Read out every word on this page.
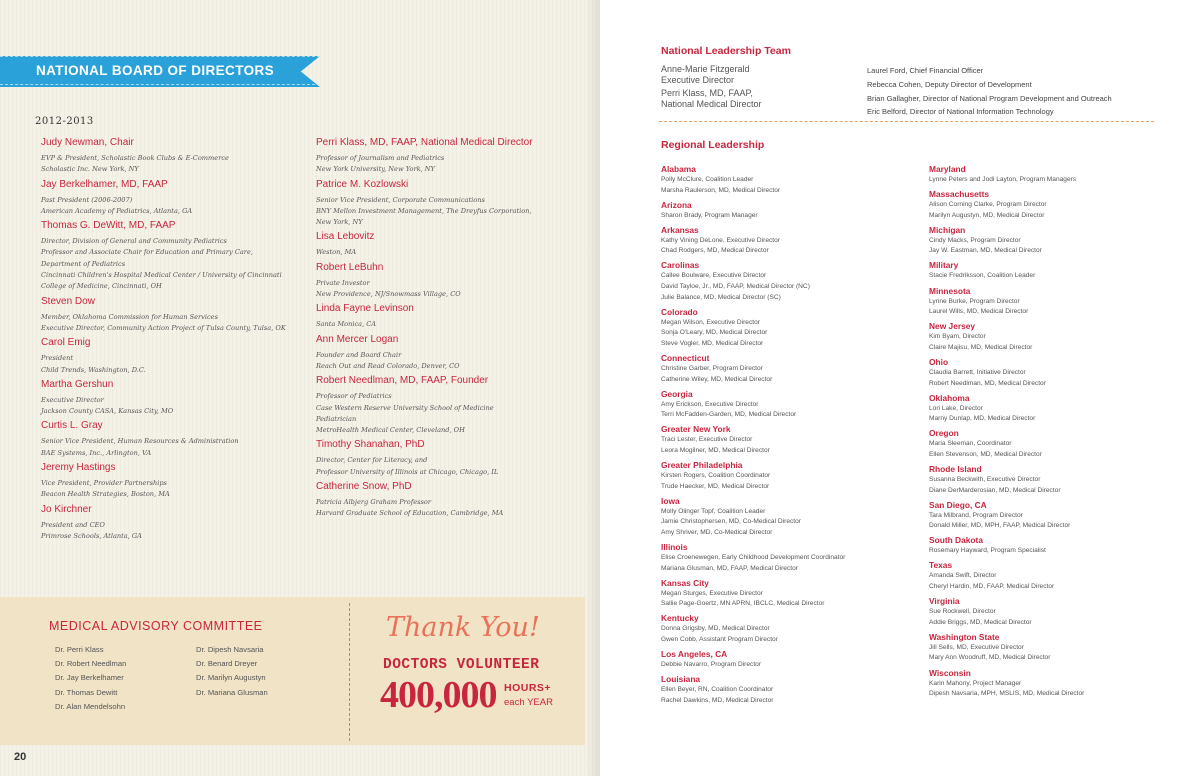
NATIONAL BOARD OF DIRECTORS
2012-2013
Judy Newman, Chair
EVP & President, Scholastic Book Clubs & E-Commerce
Scholastic Inc. New York, NY
Jay Berkelhamer, MD, FAAP
Past President (2006-2007)
American Academy of Pediatrics, Atlanta, GA
Thomas G. DeWitt, MD, FAAP
Director, Division of General and Community Pediatrics
Professor and Associate Chair for Education and Primary Care,
Department of Pediatrics
Cincinnati Children's Hospital Medical Center / University of Cincinnati
College of Medicine, Cincinnati, OH
Steven Dow
Member, Oklahoma Commission for Human Services
Executive Director, Community Action Project of Tulsa County, Tulsa, OK
Carol Emig
President
Child Trends, Washington, D.C.
Martha Gershun
Executive Director
Jackson County CASA, Kansas City, MO
Curtis L. Gray
Senior Vice President, Human Resources & Administration
BAE Systems, Inc., Arlington, VA
Jeremy Hastings
Vice President, Provider Partnerships
Beacon Health Strategies, Boston, MA
Jo Kirchner
President and CEO
Primrose Schools, Atlanta, GA
Perri Klass, MD, FAAP, National Medical Director
Professor of Journalism and Pediatrics
New York University, New York, NY
Patrice M. Kozlowski
Senior Vice President, Corporate Communications
BNY Mellon Investment Management, The Dreyfus Corporation,
New York, NY
Lisa Lebovitz
Weston, MA
Robert LeBuhn
Private Investor
New Providence, NJ/Snowmass Village, CO
Linda Fayne Levinson
Santa Monica, CA
Ann Mercer Logan
Founder and Board Chair
Reach Out and Read Colorado, Denver, CO
Robert Needlman, MD, FAAP, Founder
Professor of Pediatrics
Case Western Reserve University School of Medicine
Pediatrician
MetroHealth Medical Center, Cleveland, OH
Timothy Shanahan, PhD
Director, Center for Literacy, and
Professor University of Illinois at Chicago, Chicago, IL
Catherine Snow, PhD
Patricia Albjerg Graham Professor
Harvard Graduate School of Education, Cambridge, MA
MEDICAL ADVISORY COMMITTEE
Dr. Perri Klass
Dr. Robert Needlman
Dr. Jay Berkelhamer
Dr. Thomas Dewitt
Dr. Alan Mendelsohn
Dr. Dipesh Navsaria
Dr. Benard Dreyer
Dr. Marilyn Augustyn
Dr. Mariana Glusman
Thank You!
DOCTORS VOLUNTEER
400,000 HOURS+
each YEAR
20
National Leadership Team
Anne-Marie Fitzgerald
Executive Director
Perri Klass, MD, FAAP,
National Medical Director
Laurel Ford, Chief Financial Officer
Rebecca Cohen, Deputy Director of Development
Brian Gallagher, Director of National Program Development and Outreach
Eric Belford, Director of National Information Technology
Regional Leadership
Alabama
Polly McClure, Coalition Leader
Marsha Raulerson, MD, Medical Director
Arizona
Sharon Brady, Program Manager
Arkansas
Kathy Vining DeLone, Executive Director
Chad Rodgers, MD, Medical Director
Carolinas
Callee Boulware, Executive Director
David Tayloe, Jr., MD, FAAP, Medical Director (NC)
Julie Balance, MD, Medical Director (SC)
Colorado
Megan Wilson, Executive Director
Sonja O'Leary, MD, Medical Director
Steve Vogler, MD, Medical Director
Connecticut
Christine Garber, Program Director
Catherine Wiley, MD, Medical Director
Georgia
Amy Erickson, Executive Director
Terri McFadden-Garden, MD, Medical Director
Greater New York
Traci Lester, Executive Director
Leora Mogilner, MD, Medical Director
Greater Philadelphia
Kirsten Rogers, Coalition Coordinator
Trude Haecker, MD, Medical Director
Iowa
Molly Olinger Topf, Coalition Leader
Jamie Christophersen, MD, Co-Medical Director
Amy Shriver, MD, Co-Medical Director
Illinois
Elise Croenewegen, Early Childhood Development Coordinator
Mariana Glusman, MD, FAAP, Medical Director
Kansas City
Megan Sturges, Executive Director
Sallie Page-Goertz, MN APRN, IBCLC, Medical Director
Kentucky
Donna Grigsby, MD, Medical Director
Gwen Cobb, Assistant Program Director
Los Angeles, CA
Debbie Navarro, Program Director
Louisiana
Ellen Beyer, RN, Coalition Coordinator
Rachel Dawkins, MD, Medical Director
Maryland
Lynne Peters and Jodi Layton, Program Managers
Massachusetts
Alison Corning Clarke, Program Director
Marilyn Augustyn, MD, Medical Director
Michigan
Cindy Macks, Program Director
Jay W. Eastman, MD, Medical Director
Military
Stacie Fredriksson, Coalition Leader
Minnesota
Lynne Burke, Program Director
Laurel Wills, MD, Medical Director
New Jersey
Kim Byam, Director
Claire Majisu, MD, Medical Director
Ohio
Claudia Barrett, Initiative Director
Robert Needlman, MD, Medical Director
Oklahoma
Lori Lake, Director
Marny Dunlap, MD, Medical Director
Oregon
Maria Sleeman, Coordinator
Ellen Stevenson, MD, Medical Director
Rhode Island
Susanna Beckwith, Executive Director
Diane DerMarderosian, MD, Medical Director
San Diego, CA
Tara Milbrand, Program Director
Donald Miller, MD, MPH, FAAP, Medical Director
South Dakota
Rosemary Hayward, Program Specialist
Texas
Amanda Swift, Director
Cheryl Hardin, MD, FAAP, Medical Director
Virginia
Sue Rockwell, Director
Addie Briggs, MD, Medical Director
Washington State
Jill Sells, MD, Executive Director
Mary Ann Woodruff, MD, Medical Director
Wisconsin
Karin Mahony, Project Manager
Dipesh Navsaria, MPH, MSLIS, MD, Medical Director
